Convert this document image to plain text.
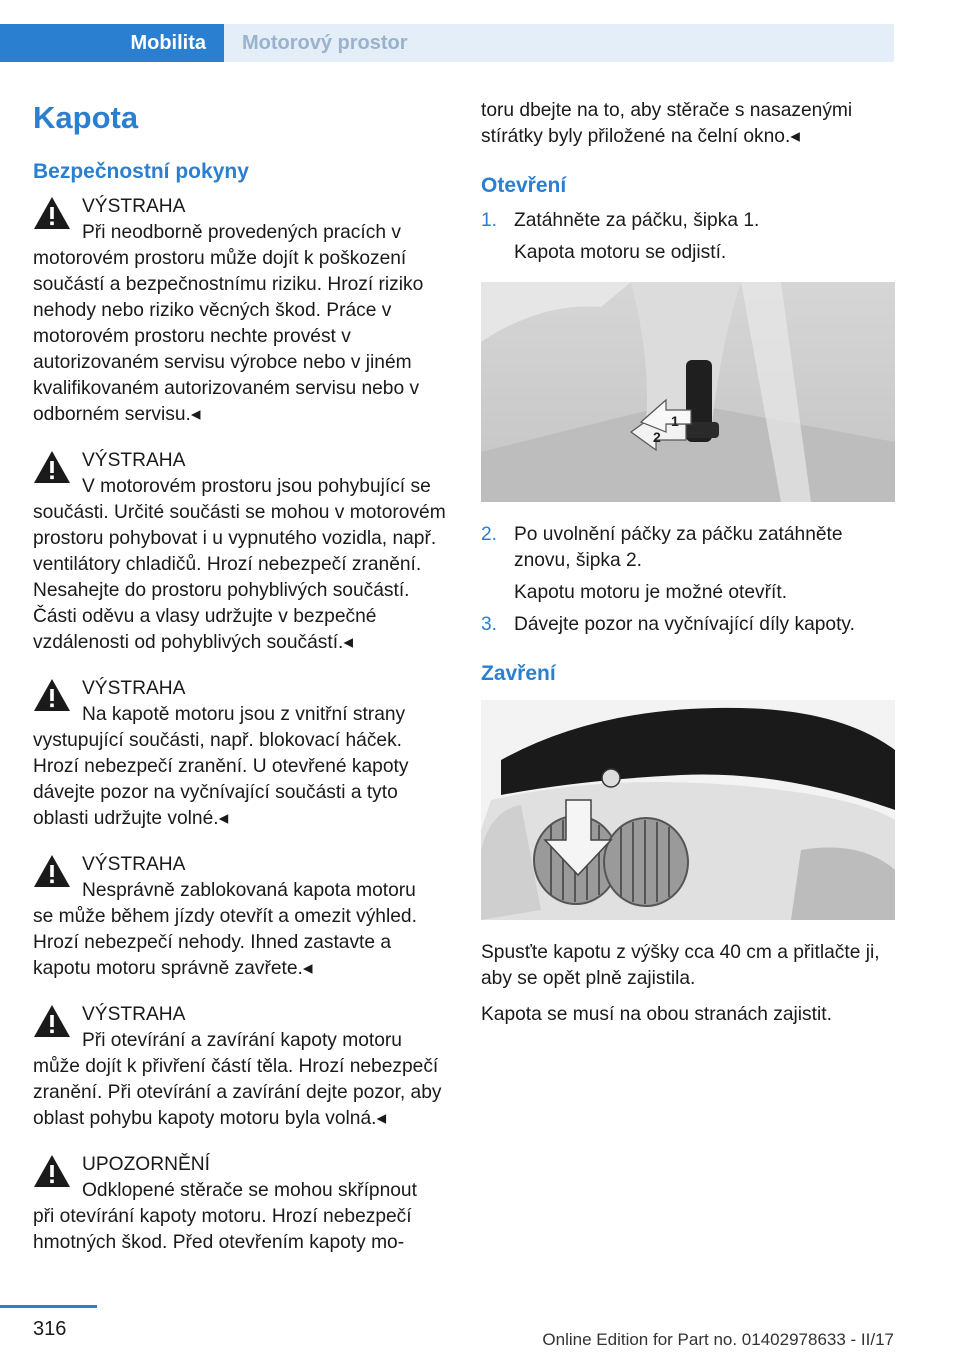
Mobilita	Motorový prostor
Kapota
Bezpečnostní pokyny
VÝSTRAHA
Při neodborně provedených pracích v
motorovém prostoru může dojít k poškození součástí a bezpečnostnímu riziku. Hrozí riziko nehody nebo riziko věcných škod. Práce v motorovém prostoru nechte provést v autorizovaném servisu výrobce nebo v jiném kvalifikovaném autorizovaném servisu nebo v odborném servisu.◂
VÝSTRAHA
V motorovém prostoru jsou pohybující se
součásti. Určité součásti se mohou v motorovém prostoru pohybovat i u vypnutého vozidla, např. ventilátory chladičů. Hrozí nebezpečí zranění. Nesahejte do prostoru pohyblivých součástí. Části oděvu a vlasy udržujte v bezpečné vzdálenosti od pohyblivých součástí.◂
VÝSTRAHA
Na kapotě motoru jsou z vnitřní strany
vystupující součásti, např. blokovací háček. Hrozí nebezpečí zranění. U otevřené kapoty dávejte pozor na vyčnívající součásti a tyto oblasti udržujte volné.◂
VÝSTRAHA
Nesprávně zablokovaná kapota motoru
se může během jízdy otevřít a omezit výhled. Hrozí nebezpečí nehody. Ihned zastavte a kapotu motoru správně zavřete.◂
VÝSTRAHA
Při otevírání a zavírání kapoty motoru
může dojít k přivření částí těla. Hrozí nebezpečí zranění. Při otevírání a zavírání dejte pozor, aby oblast pohybu kapoty motoru byla volná.◂
UPOZORNĚNÍ
Odklopené stěrače se mohou skřípnout
při otevírání kapoty motoru. Hrozí nebezpečí hmotných škod. Před otevřením kapoty mo-

toru dbejte na to, aby stěrače s nasazenými stírátky byly přiložené na čelní okno.◂

Otevření
1. Zatáhněte za páčku, šipka 1.

Kapota motoru se odjistí.

2
1
2. Po uvolnění páčky za páčku zatáhněte znovu, šipka 2.

Kapotu motoru je možné otevřít.

3. Dávejte pozor na vyčnívající díly kapoty.
Zavření

Spusťte kapotu z výšky cca 40 cm a přitlačte ji, aby se opět plně zajistila.

Kapota se musí na obou stranách zajistit.

316	Online Edition for Part no. 01402978633 - II/17
